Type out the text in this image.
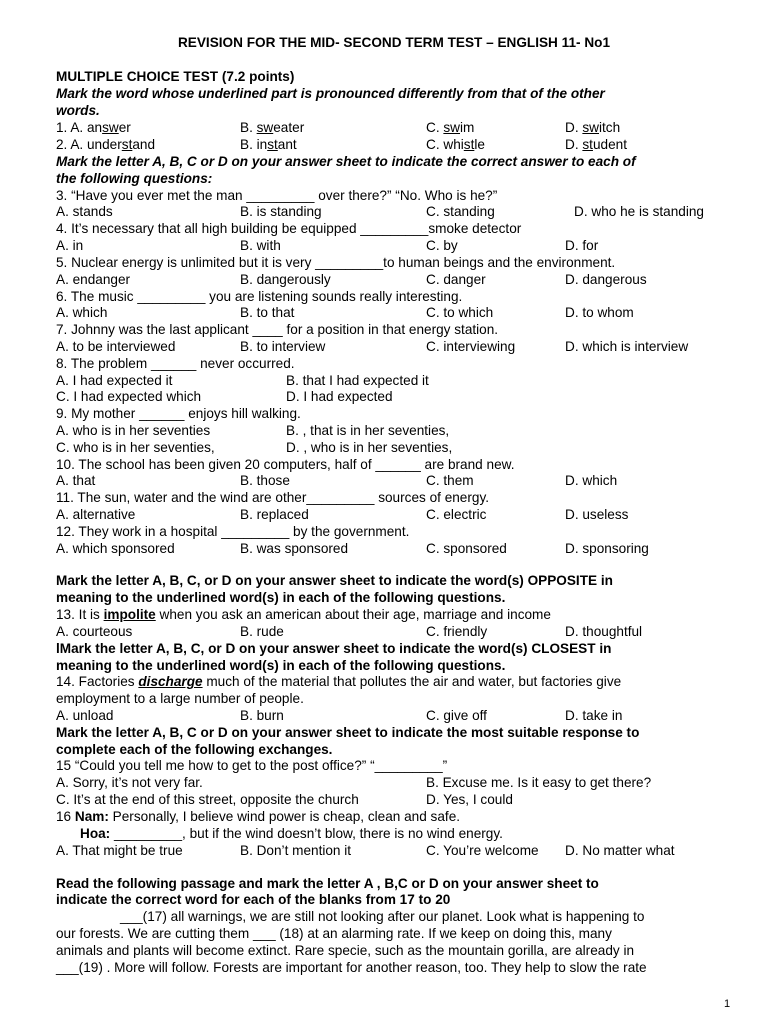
REVISION FOR THE MID- SECOND TERM TEST – ENGLISH 11- No1
MULTIPLE CHOICE TEST (7.2 points)
Mark the word whose underlined part is pronounced differently from that of the other
words.
1. A. answer	B. sweater	C. swim	D. switch
2. A. understand	B. instant	C. whistle	D. student
Mark the letter A, B, C or D on your answer sheet to indicate the correct answer to each of
the following questions:
3. “Have you ever met the man _________ over there?” “No. Who is he?”
A. stands	B. is standing	C. standing	D. who he is standing
4. It’s necessary that all high building be equipped _________smoke detector
A. in	B. with	C. by	D. for
5. Nuclear energy is unlimited but it is very _________to human beings and the environment.
A. endanger	B. dangerously	C. danger	D. dangerous
6. The music _________ you are listening sounds really interesting.
A. which	B. to that	C. to which	D. to whom
7. Johnny was the last applicant ____ for a position in that energy station.
A. to be interviewed	B. to interview	C. interviewing	D. which is interview
8. The problem ______ never occurred.
A. I had expected it	B. that I had expected it
C. I had expected which	D. I had expected
9. My mother ______ enjoys hill walking.
A. who is in her seventies	B. , that is in her seventies,
C. who is in her seventies,	D. , who is in her seventies,
10. The school has been given 20 computers, half of ______ are brand new.
A. that	B. those	C. them	D. which
11. The sun, water and the wind are other_________ sources of energy.
A. alternative	B. replaced	C. electric	D. useless
12. They work in a hospital _________ by the government.
A. which sponsored	B. was sponsored	C. sponsored	D. sponsoring
Mark the letter A, B, C, or D on your answer sheet to indicate the word(s) OPPOSITE in
meaning to the underlined word(s) in each of the following questions.
13. It is impolite when you ask an american about their age, marriage and income
A. courteous	B. rude	C. friendly	D. thoughtful
lMark the letter A, B, C, or D on your answer sheet to indicate the word(s) CLOSEST in
meaning to the underlined word(s) in each of the following questions.
14. Factories discharge much of the material that pollutes the air and water, but factories give
employment to a large number of people.
A. unload	B. burn	C. give off	D. take in
Mark the letter A, B, C or D on your answer sheet to indicate the most suitable response to
complete each of the following exchanges.
15 “Could you tell me how to get to the post office?” “_________”
A. Sorry, it’s not very far.	B. Excuse me. Is it easy to get there?
C. It’s at the end of this street, opposite the church	D. Yes, I could
16 Nam: Personally, I believe wind power is cheap, clean and safe.
Hoa: _________, but if the wind doesn’t blow, there is no wind energy.
A. That might be true	B. Don’t mention it	C. You’re welcome D. No matter what
Read the following passage and mark the letter A , B,C or D on your answer sheet to
indicate the correct word for each of the blanks from 17 to 20
___(17) all warnings, we are still not looking after our planet. Look what is happening to
our forests. We are cutting them ___ (18) at an alarming rate. If we keep on doing this, many
animals and plants will become extinct. Rare specie, such as the mountain gorilla, are already in
___(19) . More will follow. Forests are important for another reason, too. They help to slow the rate
1
